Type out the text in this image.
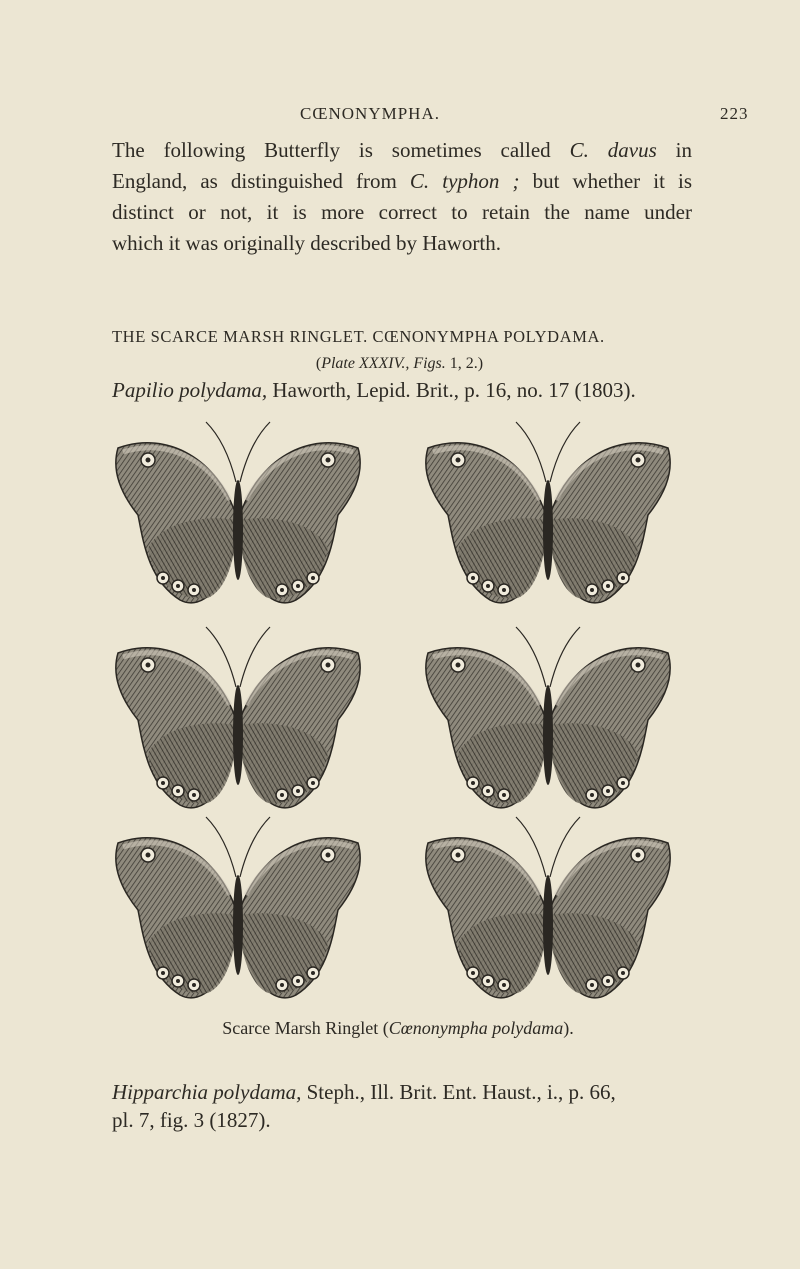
CŒNONYMPHA.	223
The following Butterfly is sometimes called C. davus in
England, as distinguished from C. typhon ; but whether it is
distinct or not, it is more correct to retain the name under
which it was originally described by Haworth.
THE SCARCE MARSH RINGLET. CŒNONYMPHA POLYDAMA.
(Plate XXXIV., Figs. 1, 2.)
Papilio polydama, Haworth, Lepid. Brit., p. 16, no. 17 (1803).
Scarce Marsh Ringlet (Cœnonympha polydama).
Hipparchia polydama, Steph., Ill. Brit. Ent. Haust., i., p. 66,
pl. 7, fig. 3 (1827).
